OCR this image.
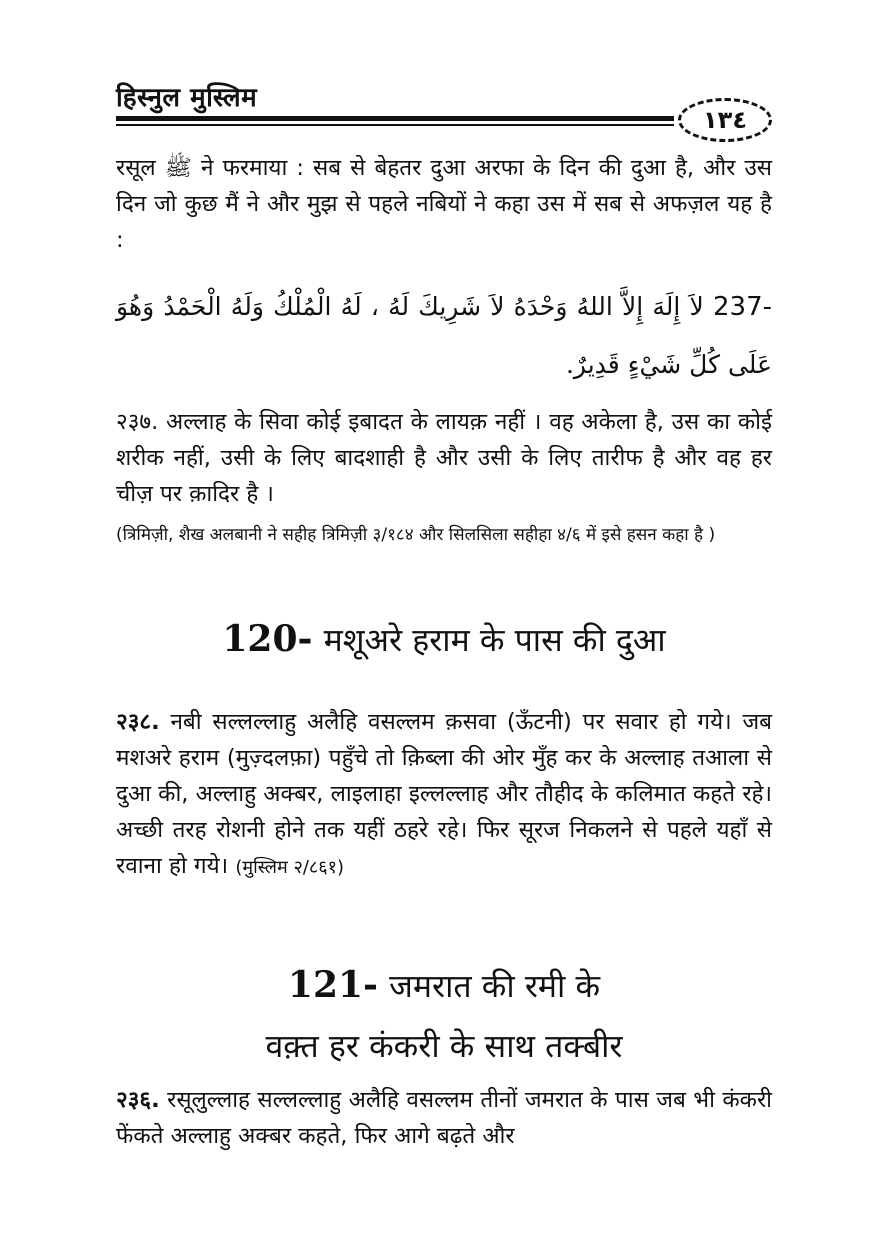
हिस्नुल मुस्लिम
١٣٤

रसूल ﷺ ने फरमाया : सब से बेहतर दुआ अरफा के दिन की दुआ है, और उस दिन जो कुछ मैं ने और मुझ से पहले नबियों ने कहा उस में सब से अफज़ल यह है :

237- لاَ إِلَهَ إِلاَّ اللهُ وَحْدَهُ لاَ شَرِيكَ لَهُ ، لَهُ الْمُلْكُ وَلَهُ الْحَمْدُ وَهُوَ عَلَى كُلِّ شَيْءٍ قَدِيرٌ.

२३७. अल्लाह के सिवा कोई इबादत के लायक़ नहीं । वह अकेला है, उस का कोई शरीक नहीं, उसी के लिए बादशाही है और उसी के लिए तारीफ है और वह हर चीज़ पर क़ादिर है ।

(त्रिमिज़ी, शैख अलबानी ने सहीह त्रिमिज़ी ३/१८४ और सिलसिला सहीहा ४/६ में इसे हसन कहा है )

120- मशूअरे हराम के पास की दुआ

२३८. नबी सल्लल्लाहु अलैहि वसल्लम क़सवा (ऊँटनी) पर सवार हो गये। जब मशअरे हराम (मुज़्दलफ़ा) पहुँचे तो क़िब्ला की ओर मुँह कर के अल्लाह तआला से दुआ की, अल्लाहु अक्बर, लाइलाहा इल्लल्लाह और तौहीद के कलिमात कहते रहे। अच्छी तरह रोशनी होने तक यहीं ठहरे रहे। फिर सूरज निकलने से पहले यहाँ से रवाना हो गये। (मुस्लिम २/८६१)

121- जमरात की रमी के
वक़्त हर कंकरी के साथ तक्बीर

२३६. रसूलुल्लाह सल्लल्लाहु अलैहि वसल्लम तीनों जमरात के पास जब भी कंकरी फेंकते अल्लाहु अक्बर कहते, फिर आगे बढ़ते और
